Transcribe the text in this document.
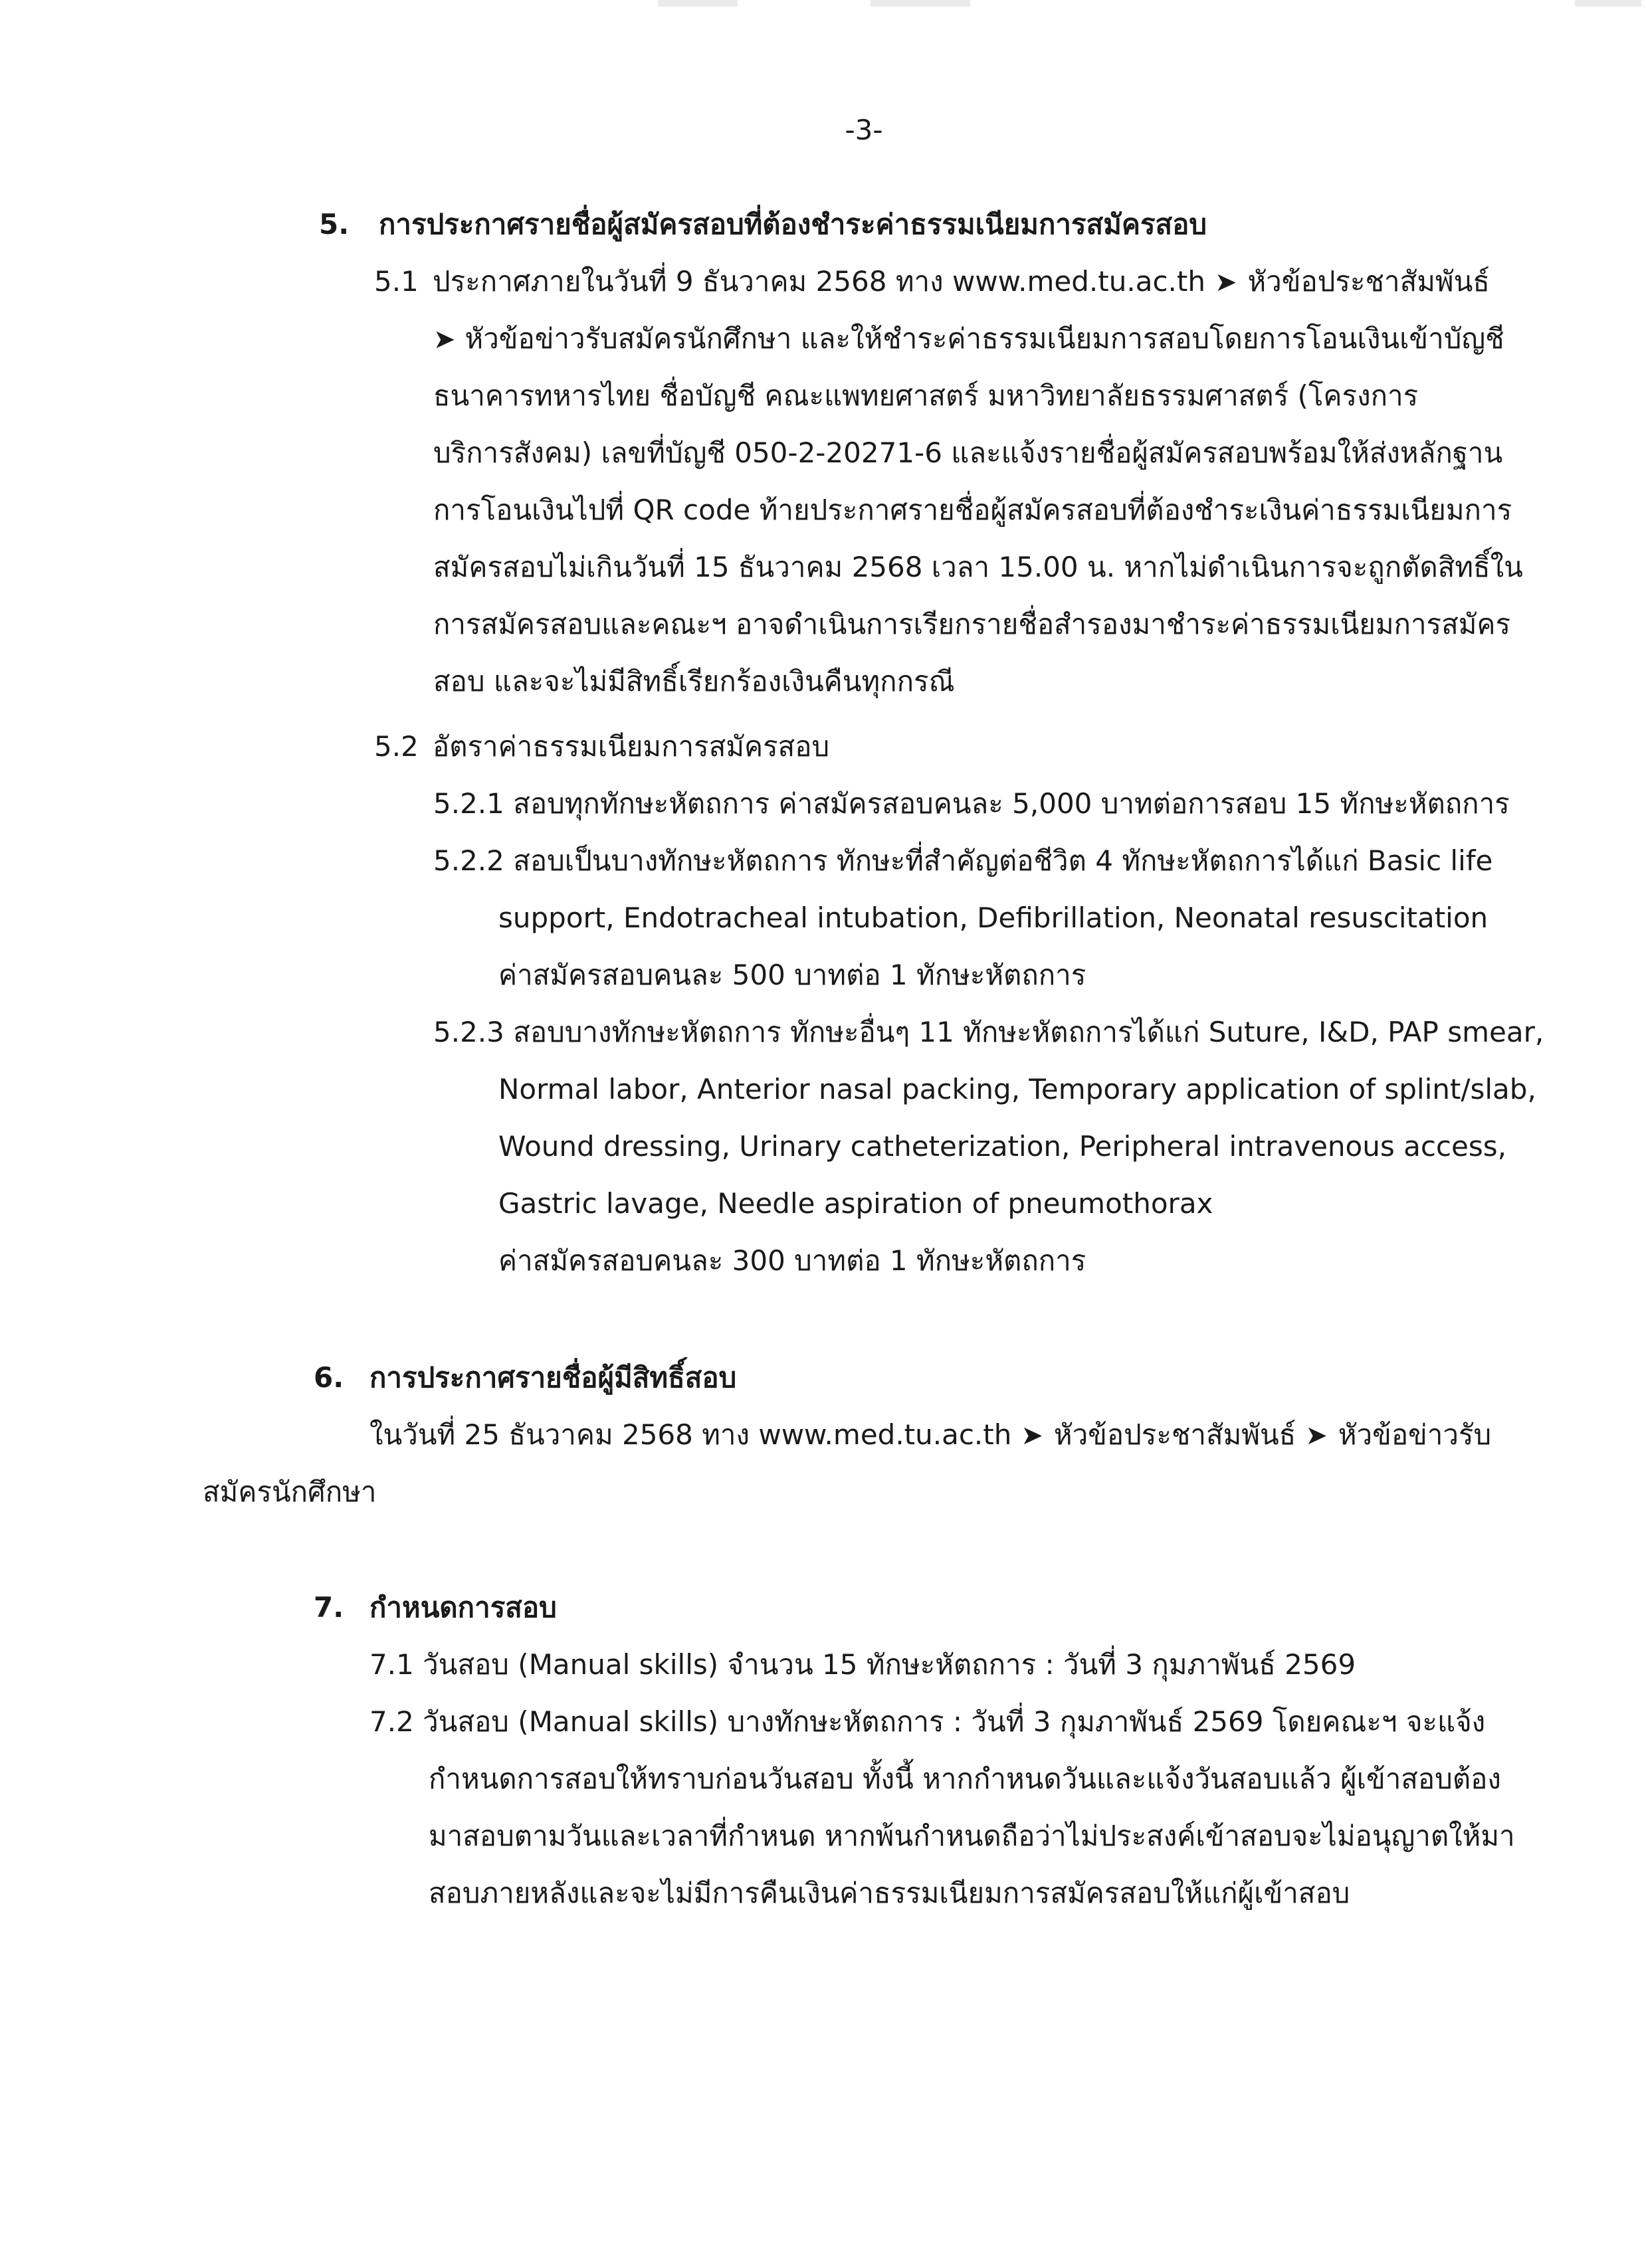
-3-
5. การประกาศรายชื่อผู้สมัครสอบที่ต้องชำระค่าธรรมเนียมการสมัครสอบ
5.1 ประกาศภายในวันที่ 9 ธันวาคม 2568 ทาง www.med.tu.ac.th ➤ หัวข้อประชาสัมพันธ์
➤ หัวข้อข่าวรับสมัครนักศึกษา และให้ชำระค่าธรรมเนียมการสอบโดยการโอนเงินเข้าบัญชี
ธนาคารทหารไทย ชื่อบัญชี คณะแพทยศาสตร์ มหาวิทยาลัยธรรมศาสตร์ (โครงการ
บริการสังคม) เลขที่บัญชี 050-2-20271-6 และแจ้งรายชื่อผู้สมัครสอบพร้อมให้ส่งหลักฐาน
การโอนเงินไปที่ QR code ท้ายประกาศรายชื่อผู้สมัครสอบที่ต้องชำระเงินค่าธรรมเนียมการ
สมัครสอบไม่เกินวันที่ 15 ธันวาคม 2568 เวลา 15.00 น. หากไม่ดำเนินการจะถูกตัดสิทธิ์ใน
การสมัครสอบและคณะฯ อาจดำเนินการเรียกรายชื่อสำรองมาชำระค่าธรรมเนียมการสมัคร
สอบ และจะไม่มีสิทธิ์เรียกร้องเงินคืนทุกกรณี
5.2 อัตราค่าธรรมเนียมการสมัครสอบ
5.2.1 สอบทุกทักษะหัตถการ ค่าสมัครสอบคนละ 5,000 บาทต่อการสอบ 15 ทักษะหัตถการ
5.2.2 สอบเป็นบางทักษะหัตถการ ทักษะที่สำคัญต่อชีวิต 4 ทักษะหัตถการได้แก่ Basic life
support, Endotracheal intubation, Defibrillation, Neonatal resuscitation
ค่าสมัครสอบคนละ 500 บาทต่อ 1 ทักษะหัตถการ
5.2.3 สอบบางทักษะหัตถการ ทักษะอื่นๆ 11 ทักษะหัตถการได้แก่ Suture, I&D, PAP smear,
Normal labor, Anterior nasal packing, Temporary application of splint/slab,
Wound dressing, Urinary catheterization, Peripheral intravenous access,
Gastric lavage, Needle aspiration of pneumothorax
ค่าสมัครสอบคนละ 300 บาทต่อ 1 ทักษะหัตถการ
6. การประกาศรายชื่อผู้มีสิทธิ์สอบ
ในวันที่ 25 ธันวาคม 2568 ทาง www.med.tu.ac.th ➤ หัวข้อประชาสัมพันธ์ ➤ หัวข้อข่าวรับ
สมัครนักศึกษา
7. กำหนดการสอบ
7.1 วันสอบ (Manual skills) จำนวน 15 ทักษะหัตถการ : วันที่ 3 กุมภาพันธ์ 2569
7.2 วันสอบ (Manual skills) บางทักษะหัตถการ : วันที่ 3 กุมภาพันธ์ 2569 โดยคณะฯ จะแจ้ง
กำหนดการสอบให้ทราบก่อนวันสอบ ทั้งนี้ หากกำหนดวันและแจ้งวันสอบแล้ว ผู้เข้าสอบต้อง
มาสอบตามวันและเวลาที่กำหนด หากพ้นกำหนดถือว่าไม่ประสงค์เข้าสอบจะไม่อนุญาตให้มา
สอบภายหลังและจะไม่มีการคืนเงินค่าธรรมเนียมการสมัครสอบให้แก่ผู้เข้าสอบ
